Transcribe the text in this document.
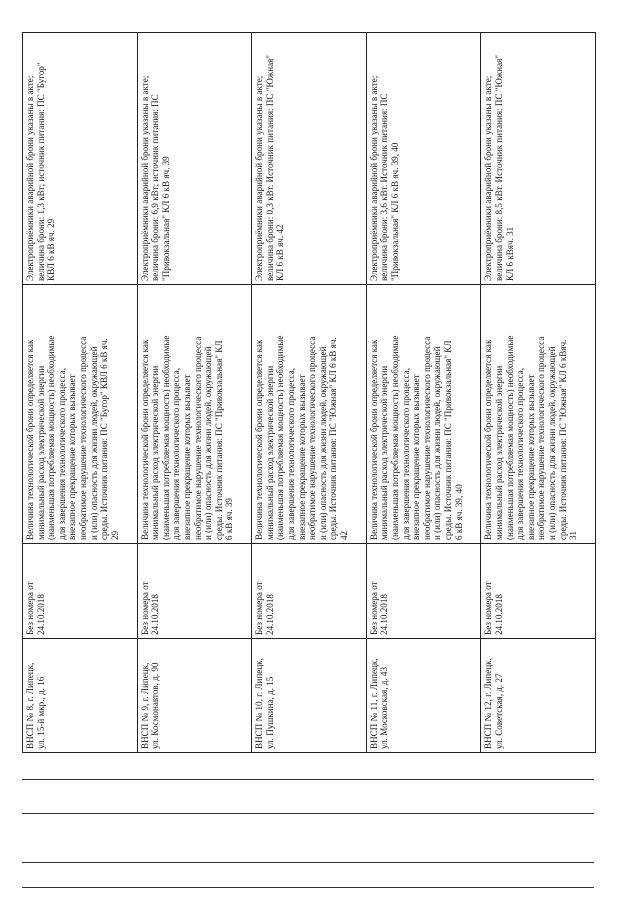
ВНСП № 8, г. Липецк,
ул. 15-й мкр., д. 16
Без номера от
24.10.2018
Величина технологической брони определяется как
минимальный расход электрической энергии
(наименьшая потребляемая мощность) необходимые
для завершения технологического процесса,
внезапное прекращение которых вызывает
необратимое нарушение технологического процесса
и (или) опасность для жизни людей, окружающей
среды. Источник питания: ПС "Бугор" КВЛ 6 кВ яч.
29
Электроприёмники аварийной брони указаны в акте;
величина брони: 1,3 кВт; источник питания: ПС "Бугор"
КВЛ 6 кВ яч. 29
ВНСП № 9, г. Липецк,
ул. Космонавтов, д. 90
Без номера от
24.10.2018
Величина технологической брони определяется как
минимальный расход электрической энергии
(наименьшая потребляемая мощность) необходимые
для завершения технологического процесса,
внезапное прекращение которых вызывает
необратимое нарушение технологического процесса
и (или) опасность для жизни людей, окружающей
среды. Источник питания: ПС "Привокзальная" КЛ
6 кВ яч. 39
Электроприёмники аварийной брони указаны в акте;
величина брони: 6,9 кВт; источник питания: ПС
"Привокзальная" КЛ 6 кВ яч. 39
ВНСП № 10, г. Липецк,
ул. Пушкина, д. 15
Без номера от
24.10.2018
Величина технологической брони определяется как
минимальный расход электрической энергии
(наименьшая потребляемая мощность) необходимые
для завершения технологического процесса,
внезапное прекращение которых вызывает
необратимое нарушение технологического процесса
и (или) опасность для жизни людей, окружающей
среды. Источник питания: ПС "Южная" КЛ 6 кВ яч.
42
Электроприёмники аварийной брони указаны в акте;
величина брони: 0,3 кВт. Источник питания: ПС "Южная"
КЛ 6 кВ яч. 42
ВНСП № 11, г. Липецк,
ул. Московская, д. 43
Без номера от
24.10.2018
Величина технологической брони определяется как
минимальный расход электрической энергии
(наименьшая потребляемая мощность) необходимые
для завершения технологического процесса,
внезапное прекращение которых вызывает
необратимое нарушение технологического процесса
и (или) опасность для жизни людей, окружающей
среды. Источник питания: ПС "Привокзальная" КЛ
6 кВ яч. 39, 40
Электроприёмники аварийной брони указаны в акте;
величина брони: 3,6 кВт. Источник питания: ПС
"Привокзальная" КЛ 6 кВ яч. 39, 40
ВНСП № 12, г. Липецк,
ул. Советская, д. 27
Без номера от
24.10.2018
Величина технологической брони определяется как
минимальный расход электрической энергии
(наименьшая потребляемая мощность) необходимые
для завершения технологического процесса,
внезапное прекращение которых вызывает
необратимое нарушение технологического процесса
и (или) опасность для жизни людей, окружающей
среды. Источник питания: ПС "Южная" КЛ 6 кВяч.
31
Электроприёмники аварийной брони указаны в акте;
величина брони: 8,5 кВт. Источник питания: ПС "Южная"
КЛ 6 кВяч. 31
